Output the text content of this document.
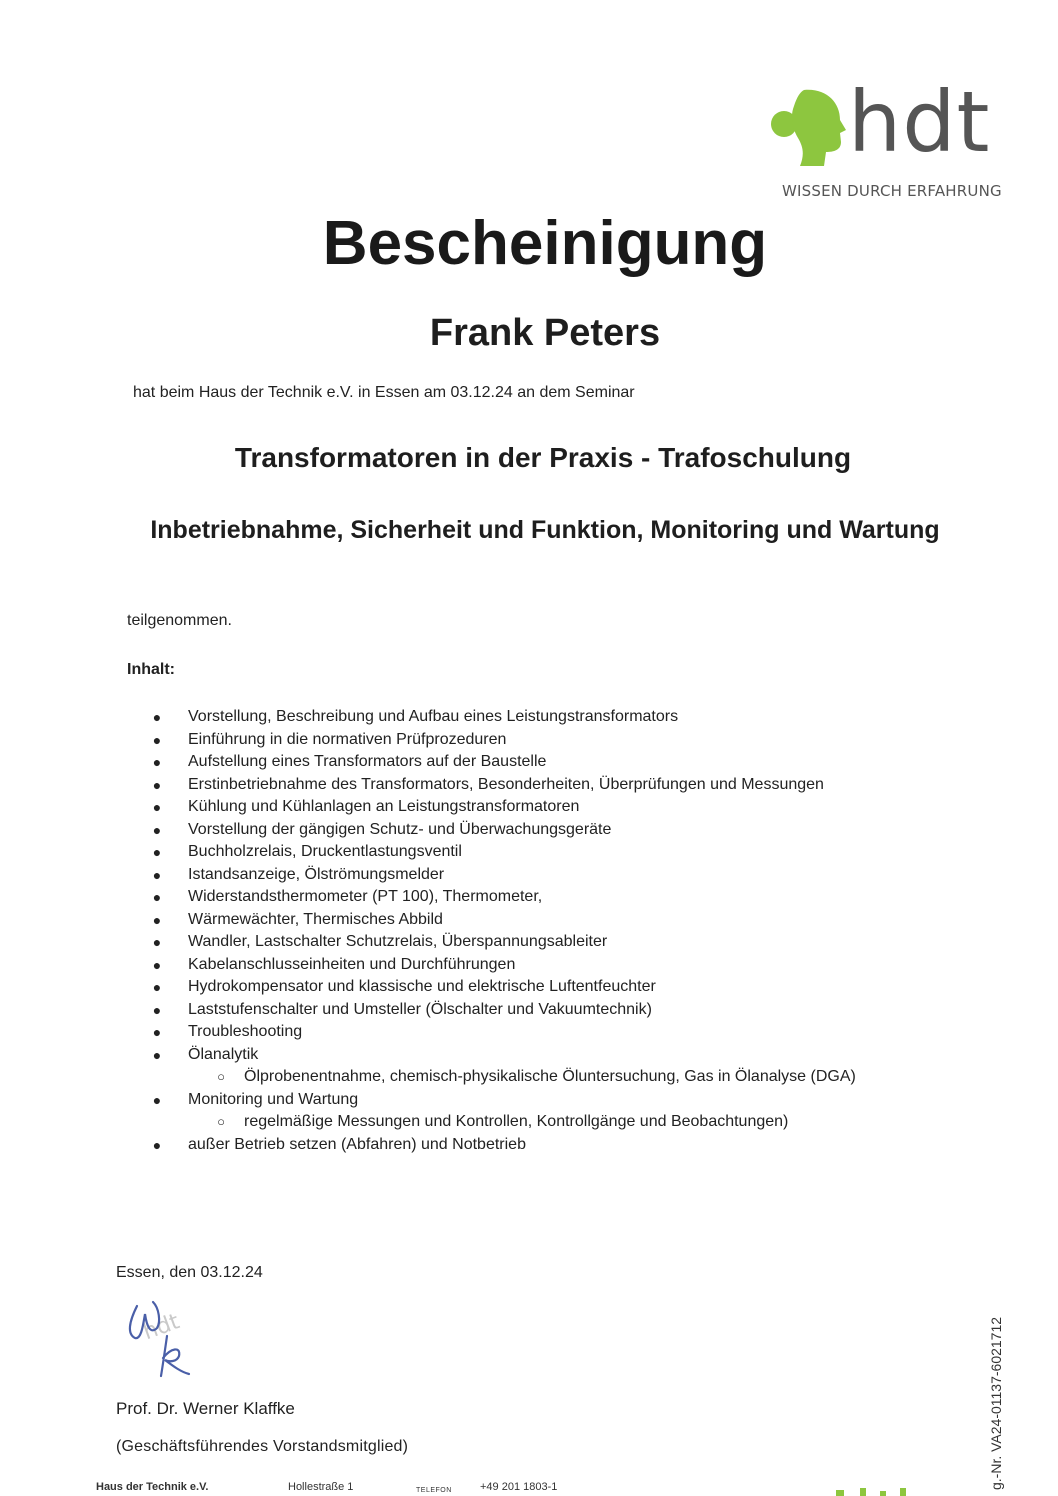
hdt
WISSEN DURCH ERFAHRUNG
Bescheinigung
Frank Peters
hat beim Haus der Technik e.V. in Essen am 03.12.24 an dem Seminar
Transformatoren in der Praxis - Trafoschulung
Inbetriebnahme, Sicherheit und Funktion, Monitoring und Wartung
teilgenommen.
Inhalt:
● Vorstellung, Beschreibung und Aufbau eines Leistungstransformators
● Einführung in die normativen Prüfprozeduren
● Aufstellung eines Transformators auf der Baustelle
● Erstinbetriebnahme des Transformators, Besonderheiten, Überprüfungen und Messungen
● Kühlung und Kühlanlagen an Leistungstransformatoren
● Vorstellung der gängigen Schutz- und Überwachungsgeräte
● Buchholzrelais, Druckentlastungsventil
● Istandsanzeige, Ölströmungsmelder
● Widerstandsthermometer (PT 100), Thermometer,
● Wärmewächter, Thermisches Abbild
● Wandler, Lastschalter Schutzrelais, Überspannungsableiter
● Kabelanschlusseinheiten und Durchführungen
● Hydrokompensator und klassische und elektrische Luftentfeuchter
● Laststufenschalter und Umsteller (Ölschalter und Vakuumtechnik)
● Troubleshooting
● Ölanalytik
○ Ölprobenentnahme, chemisch-physikalische Öluntersuchung, Gas in Ölanalyse (DGA)
● Monitoring und Wartung
○ regelmäßige Messungen und Kontrollen, Kontrollgänge und Beobachtungen)
● außer Betrieb setzen (Abfahren) und Notbetrieb
Essen, den 03.12.24
hdt
Prof. Dr. Werner Klaffke
(Geschäftsführendes Vorstandsmitglied)	g.-Nr. VA24-01137-6021712
Haus der Technik e.V.	Hollestraße 1	TELEFON	+49 201 1803-1
